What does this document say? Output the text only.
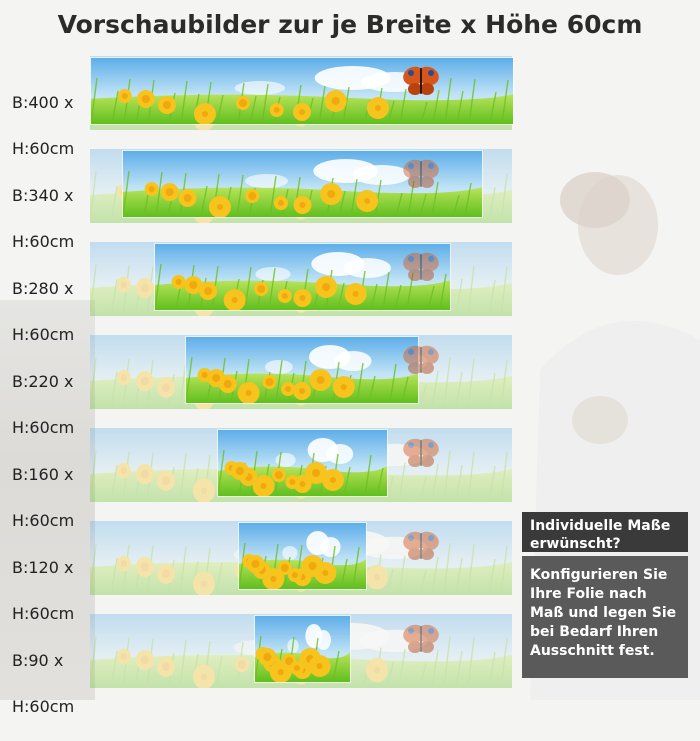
Vorschaubilder zur je Breite x Höhe 60cm

B:400 x

H:60cm

B:340 x

H:60cm

B:280 x

H:60cm

B:220 x

H:60cm

B:160 x

H:60cm

B:120 x

H:60cm

B:90 x

H:60cm

Individuelle Maße erwünscht?
Konfigurieren Sie Ihre Folie nach Maß und legen Sie bei Bedarf Ihren Ausschnitt fest.
